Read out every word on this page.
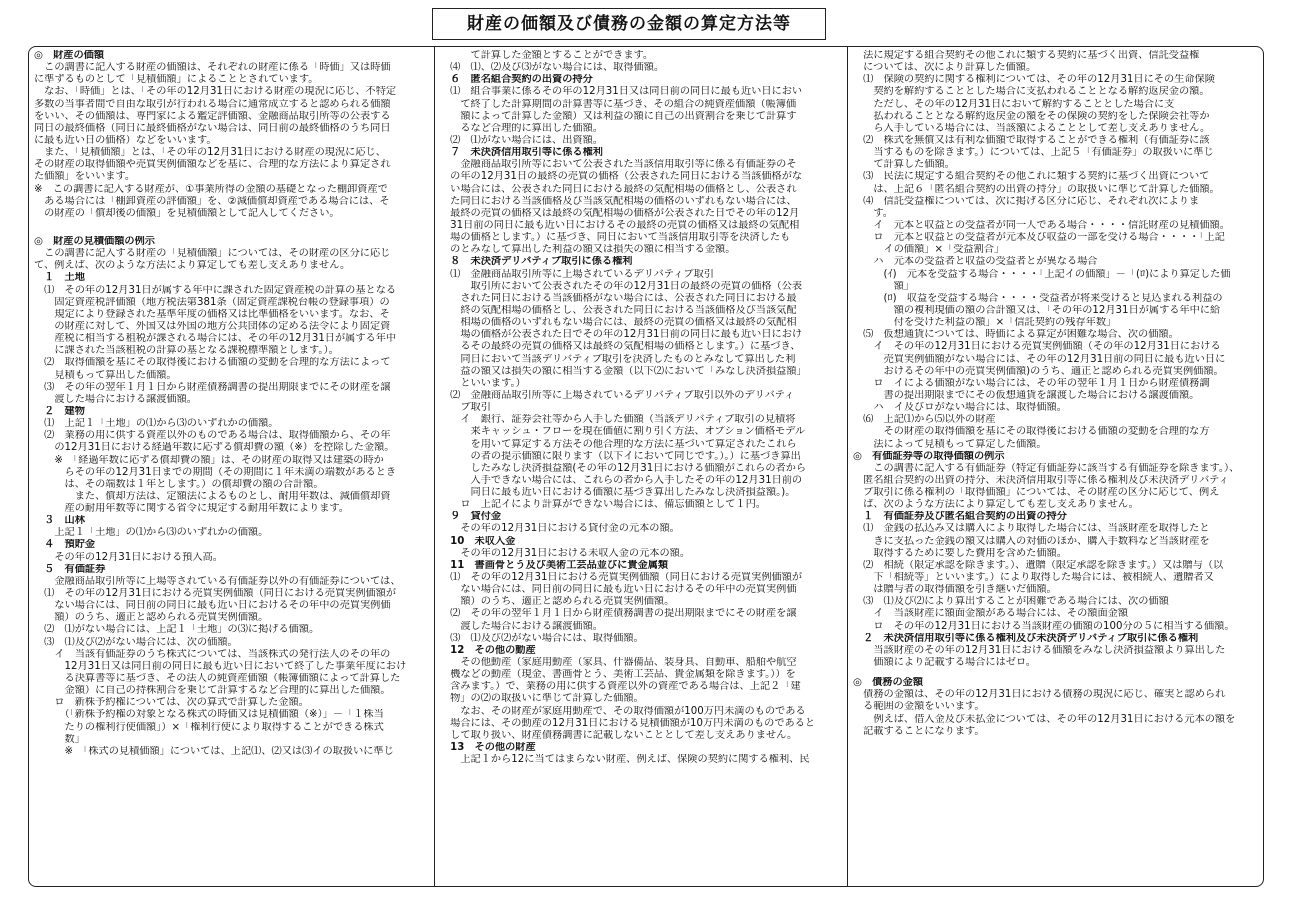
財産の価額及び債務の金額の算定方法等
◎　財産の価額
　この調書に記入する財産の価額は、それぞれの財産に係る「時価」又は時価
に準ずるものとして「見積価額」によることとされています。
　なお、「時価」とは、「その年の12月31日における財産の現況に応じ、不特定
多数の当事者間で自由な取引が行われる場合に通常成立すると認められる価額
をいい、その価額は、専門家による鑑定評価額、金融商品取引所等の公表する
同日の最終価格（同日に最終価格がない場合は、同日前の最終価格のうち同日
に最も近い日の価格）などをいいます。
　また、「見積価額」とは、「その年の12月31日における財産の現況に応じ、
その財産の取得価額や売買実例価額などを基に、合理的な方法により算定され
た価額」をいいます。
※　この調書に記入する財産が、①事業所得の金額の基礎となった棚卸資産で
　ある場合には「棚卸資産の評価額」を、②減価償却資産である場合には、そ
　の財産の「償却後の価額」を見積価額として記入してください。
◎　財産の見積価額の例示
　この調書に記入する財産の「見積価額」については、その財産の区分に応じ
て、例えば、次のような方法により算定しても差し支えありません。
　１　土地
　⑴　その年の12月31日が属する年中に課された固定資産税の計算の基となる
　　固定資産税評価額（地方税法第381条（固定資産課税台帳の登録事項）の
　　規定により登録された基準年度の価格又は比準価格をいいます。なお、そ
　　の財産に対して、外国又は外国の地方公共団体の定める法令により固定資
　　産税に相当する租税が課される場合には、その年の12月31日が属する年中
　　に課された当該租税の計算の基となる課税標準額とします。）。
　⑵　取得価額を基にその取得後における価額の変動を合理的な方法によって
　　見積もって算出した価額。
　⑶　その年の翌年１月１日から財産債務調書の提出期限までにその財産を譲
　　渡した場合における譲渡価額。
　２　建物
　⑴　上記１「土地」の⑴から⑶のいずれかの価額。
　⑵　業務の用に供する資産以外のものである場合は、取得価額から、その年
　　の12月31日における経過年数に応ずる償却費の額（※）を控除した金額。
　　※　「経過年数に応ずる償却費の額」は、その財産の取得又は建築の時か
　　　らその年の12月31日までの期間（その期間に１年未満の端数があるとき
　　　は、その端数は１年とします。）の償却費の額の合計額。
　　　　また、償却方法は、定額法によるものとし、耐用年数は、減価償却資
　　　産の耐用年数等に関する省令に規定する耐用年数によります。
　３　山林
　　上記１「土地」の⑴から⑶のいずれかの価額。
　４　預貯金
　　その年の12月31日における預入高。
　５　有価証券
　　金融商品取引所等に上場等されている有価証券以外の有価証券については、
　⑴　その年の12月31日における売買実例価額（同日における売買実例価額が
　　ない場合には、同日前の同日に最も近い日におけるその年中の売買実例価
　　額）のうち、適正と認められる売買実例価額。
　⑵　⑴がない場合には、上記１「土地」の⑶に掲げる価額。
　⑶　⑴及び⑵がない場合には、次の価額。
　　イ　当該有価証券のうち株式については、当該株式の発行法人のその年の
　　　12月31日又は同日前の同日に最も近い日において終了した事業年度におけ
　　　る決算書等に基づき、その法人の純資産価額（帳簿価額によって計算した
　　　金額）に自己の持株割合を乗じて計算するなど合理的に算出した価額。
　　ロ　新株予約権については、次の算式で計算した金額。
　　　（「新株予約権の対象となる株式の時価又は見積価額（※）」－「１株当
　　　たりの権利行使価額」）×「権利行使により取得することができる株式
　　　数」
　　　※　「株式の見積価額」については、上記⑴、⑵又は⑶イの取扱いに準じ
　　　て計算した金額とすることができます。
　⑷　⑴、⑵及び⑶がない場合には、取得価額。
　６　匿名組合契約の出資の持分
　⑴　組合事業に係るその年の12月31日又は同日前の同日に最も近い日におい
　　て終了した計算期間の計算書等に基づき、その組合の純資産価額（帳簿価
　　額によって計算した金額）又は利益の額に自己の出資割合を乗じて計算す
　　るなど合理的に算出した価額。
　⑵　⑴がない場合には、出資額。
　７　未決済信用取引等に係る権利
　　金融商品取引所等において公表された当該信用取引等に係る有価証券のそ
　の年の12月31日の最終の売買の価格（公表された同日における当該価格がな
　い場合には、公表された同日における最終の気配相場の価格とし、公表され
　た同日における当該価格及び当該気配相場の価格のいずれもない場合には、
　最終の売買の価格又は最終の気配相場の価格が公表された日でその年の12月
　31日前の同日に最も近い日におけるその最終の売買の価格又は最終の気配相
　場の価格とします。）に基づき、同日において当該信用取引等を決済したも
　のとみなして算出した利益の額又は損失の額に相当する金額。
　８　未決済デリバティブ取引に係る権利
　⑴　金融商品取引所等に上場されているデリバティブ取引
　　　取引所において公表されたその年の12月31日の最終の売買の価格（公表
　　された同日における当該価格がない場合には、公表された同日における最
　　終の気配相場の価格とし、公表された同日における当該価格及び当該気配
　　相場の価格のいずれもない場合には、最終の売買の価格又は最終の気配相
　　場の価格が公表された日でその年の12月31日前の同日に最も近い日におけ
　　るその最終の売買の価格又は最終の気配相場の価格とします。）に基づき、
　　同日において当該デリバティブ取引を決済したものとみなして算出した利
　　益の額又は損失の額に相当する金額（以下⑵において「みなし決済損益額」
　　といいます。）
　⑵　金融商品取引所等に上場されているデリバティブ取引以外のデリバティ
　　ブ取引
　　イ　銀行、証券会社等から入手した価額（当該デリバティブ取引の見積将
　　　来キャッシュ・フローを現在価値に割り引く方法、オプション価格モデル
　　　を用いて算定する方法その他合理的な方法に基づいて算定されたこれら
　　　の者の提示価額に限ります（以下イにおいて同じです。）。）に基づき算出
　　　したみなし決済損益額(その年の12月31日における価額がこれらの者から
　　　入手できない場合には、これらの者から入手したその年の12月31日前の
　　　同日に最も近い日における価額に基づき算出したみなし決済損益額。)。
　　ロ　上記イにより計算ができない場合には、備忘価額として１円。
　９　貸付金
　　その年の12月31日における貸付金の元本の額。
　10　未収入金
　　その年の12月31日における未収入金の元本の額。
　11　書画骨とう及び美術工芸品並びに貴金属類
　⑴　その年の12月31日における売買実例価額（同日における売買実例価額が
　　ない場合には、同日前の同日に最も近い日におけるその年中の売買実例価
　　額）のうち、適正と認められる売買実例価額。
　⑵　その年の翌年１月１日から財産債務調書の提出期限までにその財産を譲
　　渡した場合における譲渡価額。
　⑶　⑴及び⑵がない場合には、取得価額。
　12　その他の動産
　　その他動産（家庭用動産（家具、什器備品、装身具、自動車、船舶や航空
　機などの動産（現金、書画骨とう、美術工芸品、貴金属類を除きます。））を
　含みます。）で、業務の用に供する資産以外の資産である場合は、上記２「建
　物」の⑵の取扱いに準じて計算した価額。
　　なお、その財産が家庭用動産で、その取得価額が100万円未満のものである
　場合には、その動産の12月31日における見積価額が10万円未満のものであると
　して取り扱い、財産債務調書に記載しないこととして差し支えありません。
　13　その他の財産
　　上記１から12に当てはまらない財産、例えば、保険の契約に関する権利、民
　法に規定する組合契約その他これに類する契約に基づく出資、信託受益権
　については、次により計算した価額。
　⑴　保険の契約に関する権利については、その年の12月31日にその生命保険
　　契約を解約することとした場合に支払われることとなる解約返戻金の額。
　　ただし、その年の12月31日において解約することとした場合に支
　　払われることとなる解約返戻金の額をその保険の契約をした保険会社等か
　　ら入手している場合には、当該額によることとして差し支えありません。
　⑵　株式を無償又は有利な価額で取得することができる権利（有価証券に該
　　当するものを除きます。）については、上記５「有価証券」の取扱いに準じ
　　て計算した価額。
　⑶　民法に規定する組合契約その他これに類する契約に基づく出資について
　　は、上記６「匿名組合契約の出資の持分」の取扱いに準じて計算した価額。
　⑷　信託受益権については、次に掲げる区分に応じ、それぞれ次によりま
　　す。
　　イ　元本と収益との受益者が同一人である場合・・・・信託財産の見積価額。
　　ロ　元本と収益との受益者が元本及び収益の一部を受ける場合・・・・「上記
　　　イの価額」×「受益割合」
　　ハ　元本の受益者と収益の受益者とが異なる場合
　　　(ｲ)　元本を受益する場合・・・・「上記イの価額」－「(ﾛ)により算定した価
　　　　額」
　　　(ﾛ)　収益を受益する場合・・・・受益者が将来受けると見込まれる利益の
　　　　額の複利現価の額の合計額又は、「その年の12月31日が属する年中に給
　　　　付を受けた利益の額」×「信託契約の残存年数」
　⑸　仮想通貨については、時価による算定が困難な場合、次の価額。
　　イ　その年の12月31日における売買実例価額（その年の12月31日における
　　　売買実例価額がない場合には、その年の12月31日前の同日に最も近い日に
　　　おけるその年中の売買実例価額)のうち、適正と認められる売買実例価額。
　　ロ　イによる価額がない場合には、その年の翌年１月１日から財産債務調
　　　書の提出期限までにその仮想通貨を譲渡した場合における譲渡価額。
　　ハ　イ及びロがない場合には、取得価額。
　⑹　上記⑴から⑸以外の財産
　　　その財産の取得価額を基にその取得後における価額の変動を合理的な方
　　法によって見積もって算定した価額。
◎　有価証券等の取得価額の例示
　　この調書に記入する有価証券（特定有価証券に該当する有価証券を除きます。）、
　匿名組合契約の出資の持分、未決済信用取引等に係る権利及び未決済デリバティ
　ブ取引に係る権利の「取得価額」については、その財産の区分に応じて、例え
　ば、次のような方法により算定しても差し支えありません。
　１　有価証券及び匿名組合契約の出資の持分
　⑴　金銭の払込み又は購入により取得した場合には、当該財産を取得したと
　　きに支払った金銭の額又は購入の対価のほか、購入手数料など当該財産を
　　取得するために要した費用を含めた価額。
　⑵　相続（限定承認を除きます。）、遺贈（限定承認を除きます。）又は贈与（以
　　下「相続等」といいます。）により取得した場合には、被相続人、遺贈者又
　　は贈与者の取得価額を引き継いだ価額。
　⑶　⑴及び⑵により算出することが困難である場合には、次の価額
　　イ　当該財産に額面金額がある場合には、その額面金額
　　ロ　その年の12月31日における当該財産の価額の100分の５に相当する価額。
　２　未決済信用取引等に係る権利及び未決済デリバティブ取引に係る権利
　　当該財産のその年の12月31日における価額をみなし決済損益額より算出した
　　価額により記載する場合にはゼロ。
◎　債務の金額
　債務の金額は、その年の12月31日における債務の現況に応じ、確実と認められ
　る範囲の金額をいいます。
　　例えば、借入金及び未払金については、その年の12月31日における元本の額を
　記載することになります。
